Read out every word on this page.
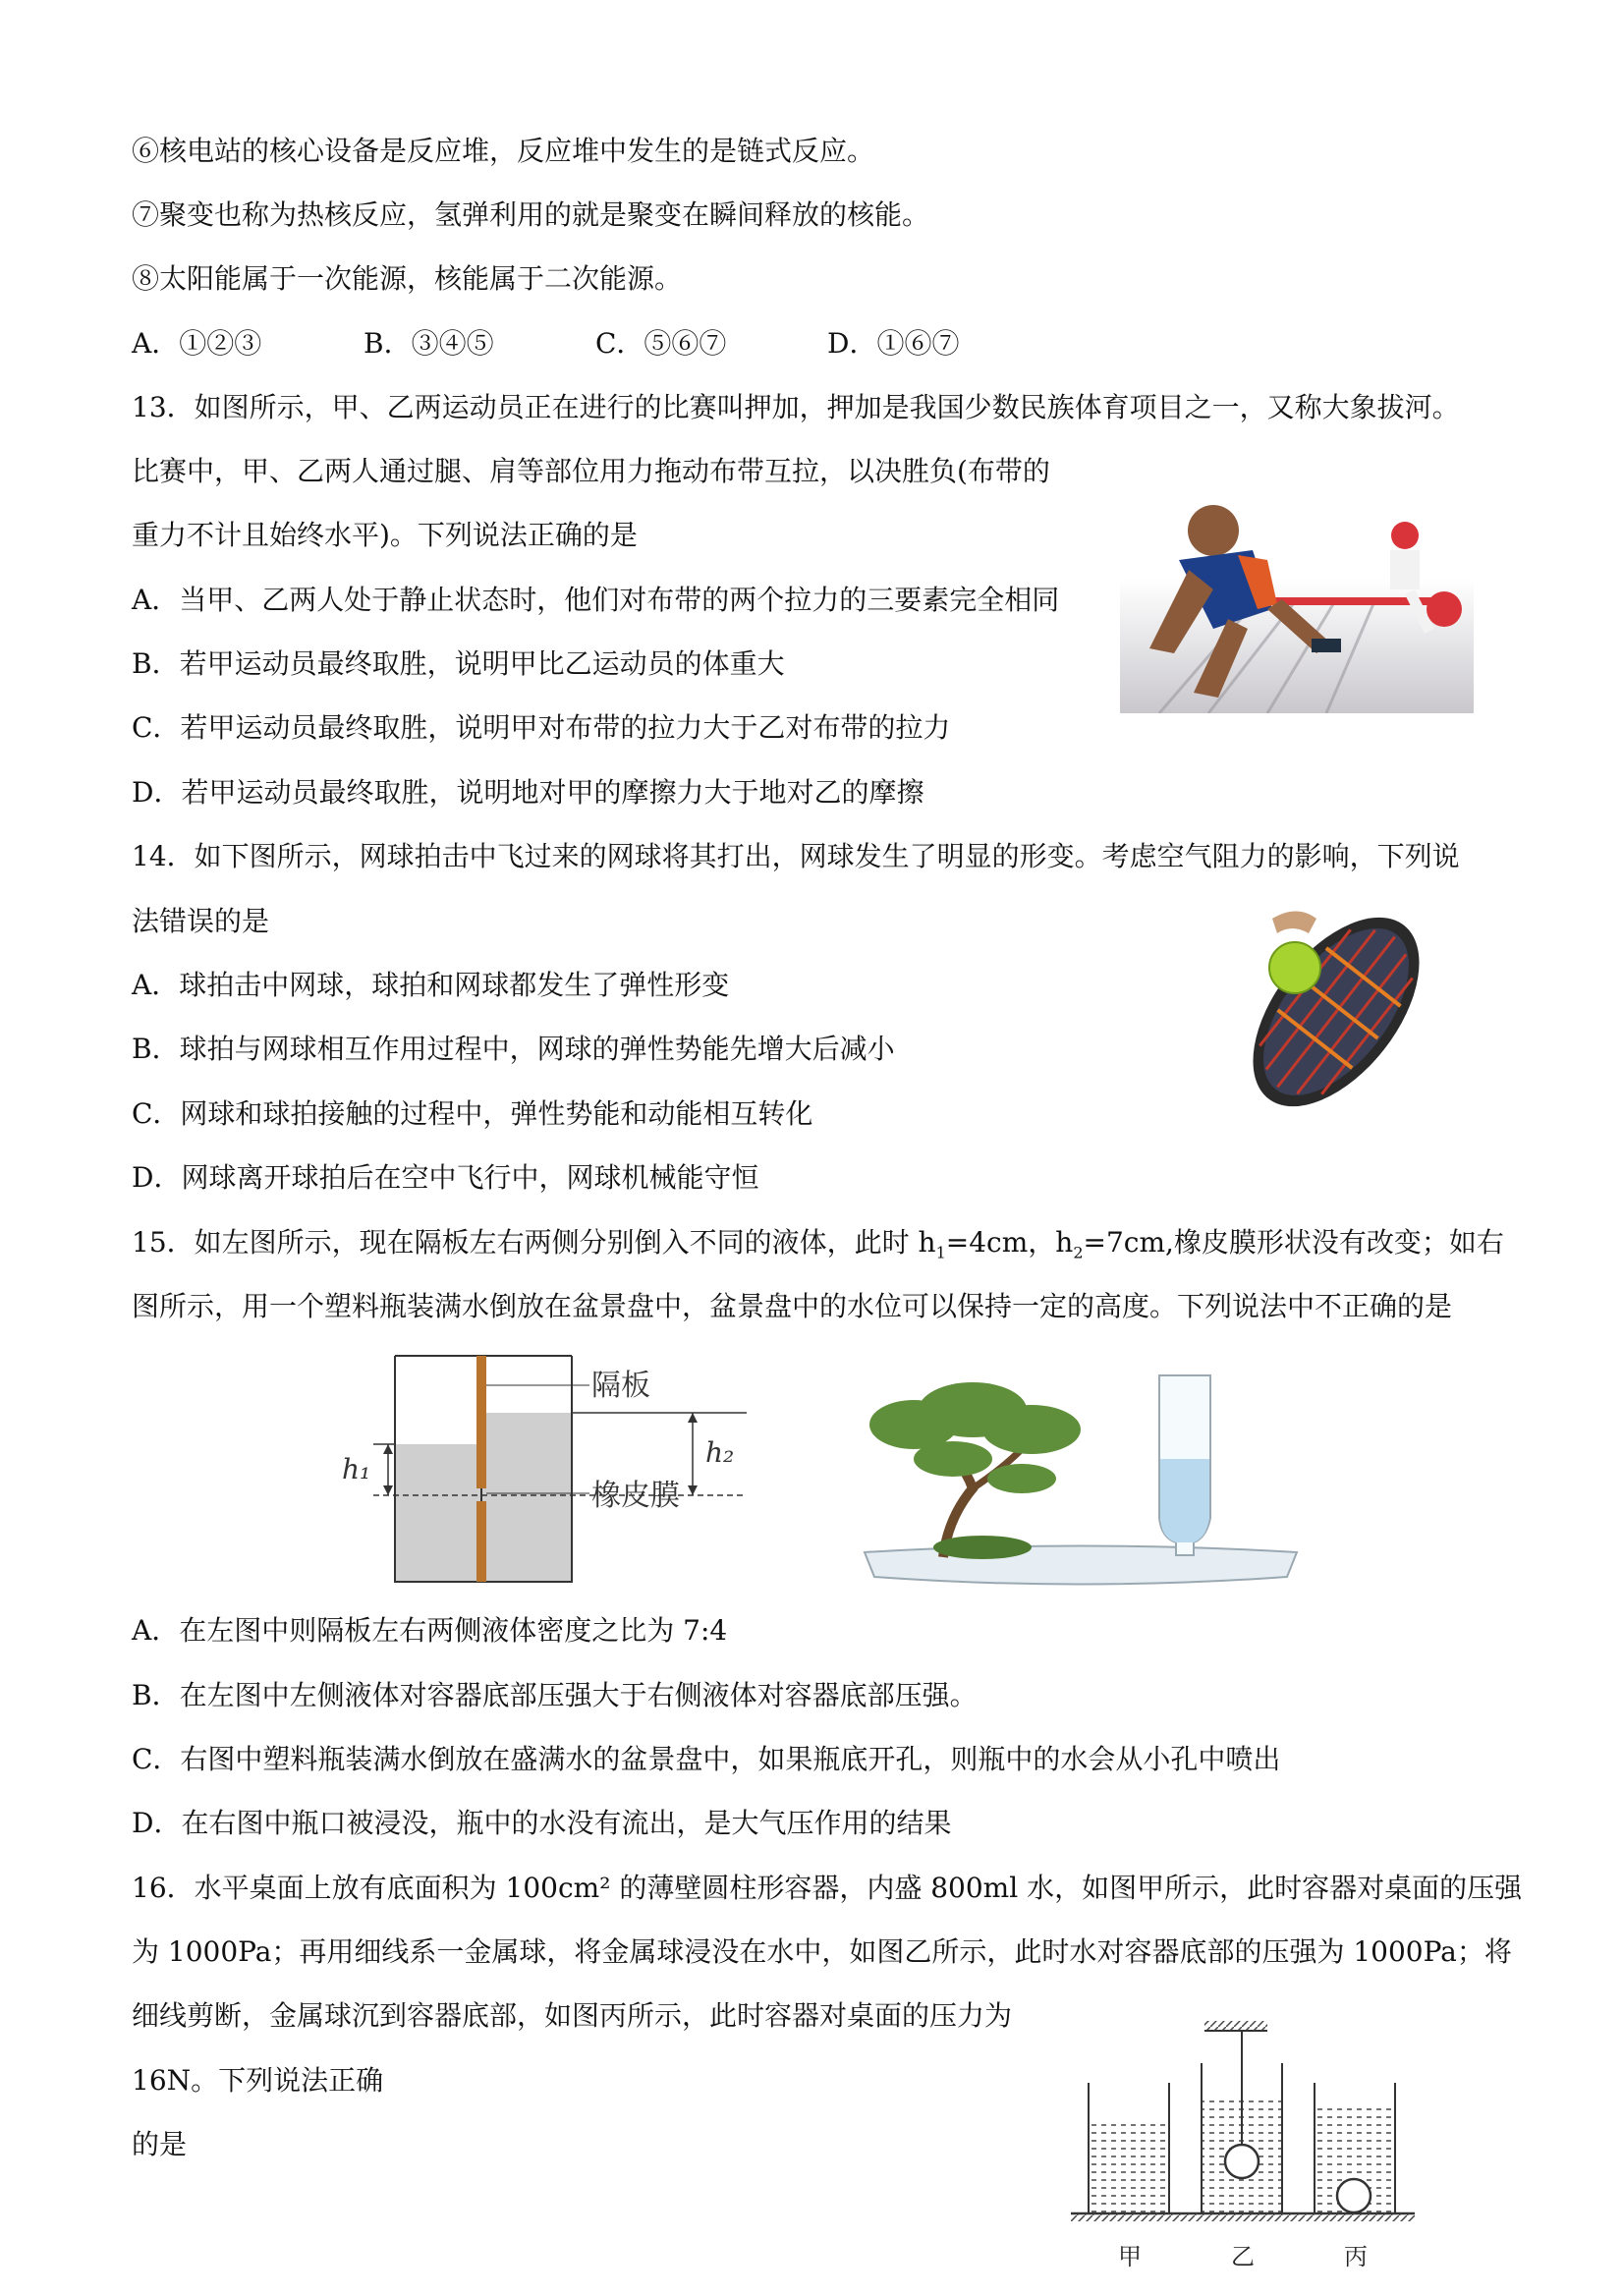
⑥核电站的核心设备是反应堆，反应堆中发生的是链式反应。
⑦聚变也称为热核反应，氢弹利用的就是聚变在瞬间释放的核能。
⑧太阳能属于一次能源，核能属于二次能源。
A．①②③	B．③④⑤	C．⑤⑥⑦	D．①⑥⑦
13．如图所示，甲、乙两运动员正在进行的比赛叫押加，押加是我国少数民族体育项目之一，又称大象拔河。
比赛中，甲、乙两人通过腿、肩等部位用力拖动布带互拉，以决胜负(布带的
重力不计且始终水平)。下列说法正确的是
A．当甲、乙两人处于静止状态时，他们对布带的两个拉力的三要素完全相同
B．若甲运动员最终取胜，说明甲比乙运动员的体重大
C．若甲运动员最终取胜，说明甲对布带的拉力大于乙对布带的拉力
D．若甲运动员最终取胜，说明地对甲的摩擦力大于地对乙的摩擦
14．如下图所示，网球拍击中飞过来的网球将其打出，网球发生了明显的形变。考虑空气阻力的影响，下列说
法错误的是
A．球拍击中网球，球拍和网球都发生了弹性形变
B．球拍与网球相互作用过程中，网球的弹性势能先增大后减小
C．网球和球拍接触的过程中，弹性势能和动能相互转化
D．网球离开球拍后在空中飞行中，网球机械能守恒
15．如左图所示，现在隔板左右两侧分别倒入不同的液体，此时 $h_1=4cm$，$h_2=7cm$,橡皮膜形状没有改变；如右
图所示，用一个塑料瓶装满水倒放在盆景盘中，盆景盘中的水位可以保持一定的高度。下列说法中不正确的是
隔板
橡皮膜
h₁
h₂
A．在左图中则隔板左右两侧液体密度之比为 7:4
B．在左图中左侧液体对容器底部压强大于右侧液体对容器底部压强。
C．右图中塑料瓶装满水倒放在盛满水的盆景盘中，如果瓶底开孔，则瓶中的水会从小孔中喷出
D．在右图中瓶口被浸没，瓶中的水没有流出，是大气压作用的结果
16．水平桌面上放有底面积为 100cm² 的薄壁圆柱形容器，内盛 800ml 水，如图甲所示，此时容器对桌面的压强
为 1000Pa；再用细线系一金属球，将金属球浸没在水中，如图乙所示，此时水对容器底部的压强为 1000Pa；将
细线剪断，金属球沉到容器底部，如图丙所示，此时容器对桌面的压力为
16N。下列说法正确
的是
甲	乙	丙
